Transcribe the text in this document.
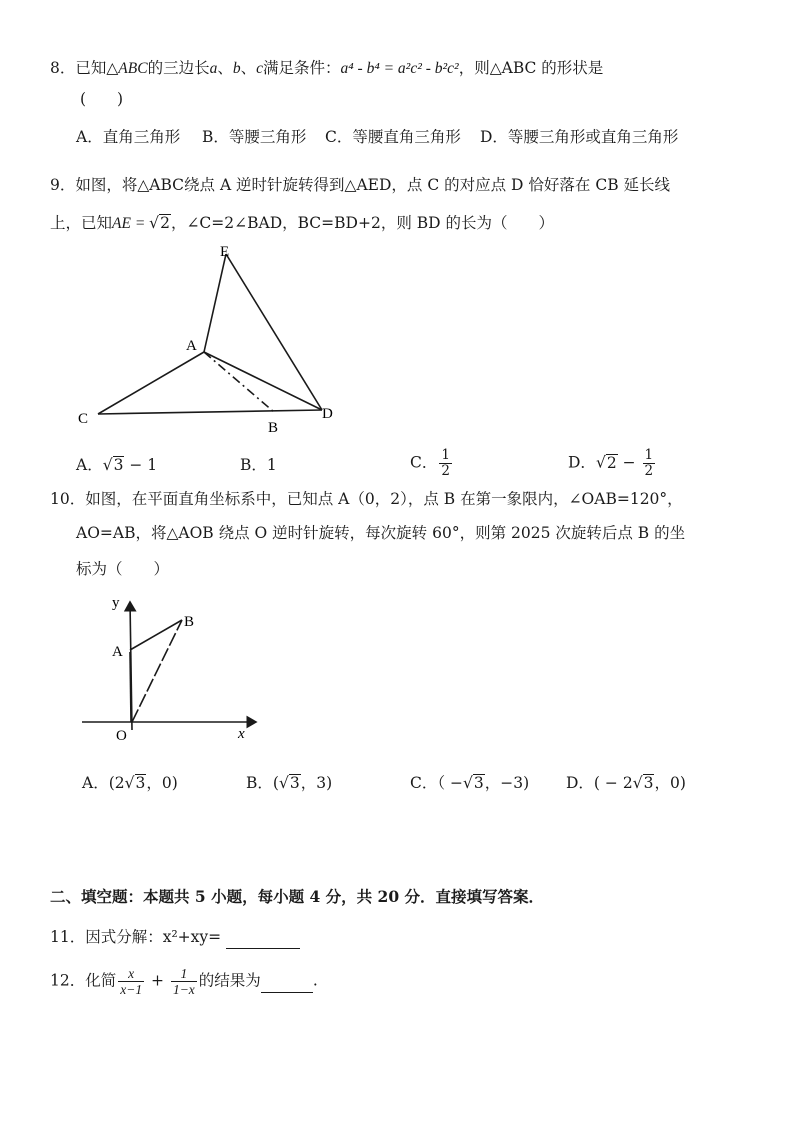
8．已知△ABC的三边长a、b、c满足条件：a⁴ - b⁴ = a²c² - b²c²，则△ABC 的形状是
(　　)
A．直角三角形 B．等腰三角形 C．等腰直角三角形 D．等腰三角形或直角三角形
9．如图，将△ABC绕点 A 逆时针旋转得到△AED，点 C 的对应点 D 恰好落在 CB 延长线
上，已知AE = √2，∠C=2∠BAD，BC=BD+2，则 BD 的长为（　　）
E
A
C
B
D
A．√3 − 1	B．1	C． $\frac{1}{2}$	D．$√2 - \frac{1}{2}$
10．如图，在平面直角坐标系中，已知点 A（0，2），点 B 在第一象限内，∠OAB=120°，
AO=AB，将△AOB 绕点 O 逆时针旋转，每次旋转 60°，则第 2025 次旋转后点 B 的坐
标为（　　）
y
x
O
A
B
A．(2√3，0)	B．(√3，3)	C．（ −√3，−3) D．( − 2√3，0)
二、填空题：本题共 5 小题，每小题 4 分，共 20 分．直接填写答案．
11．因式分解：x²+xy=
12．化简 $\frac{x}{x-1} + \frac{1}{1-x}$ 的结果为	.
